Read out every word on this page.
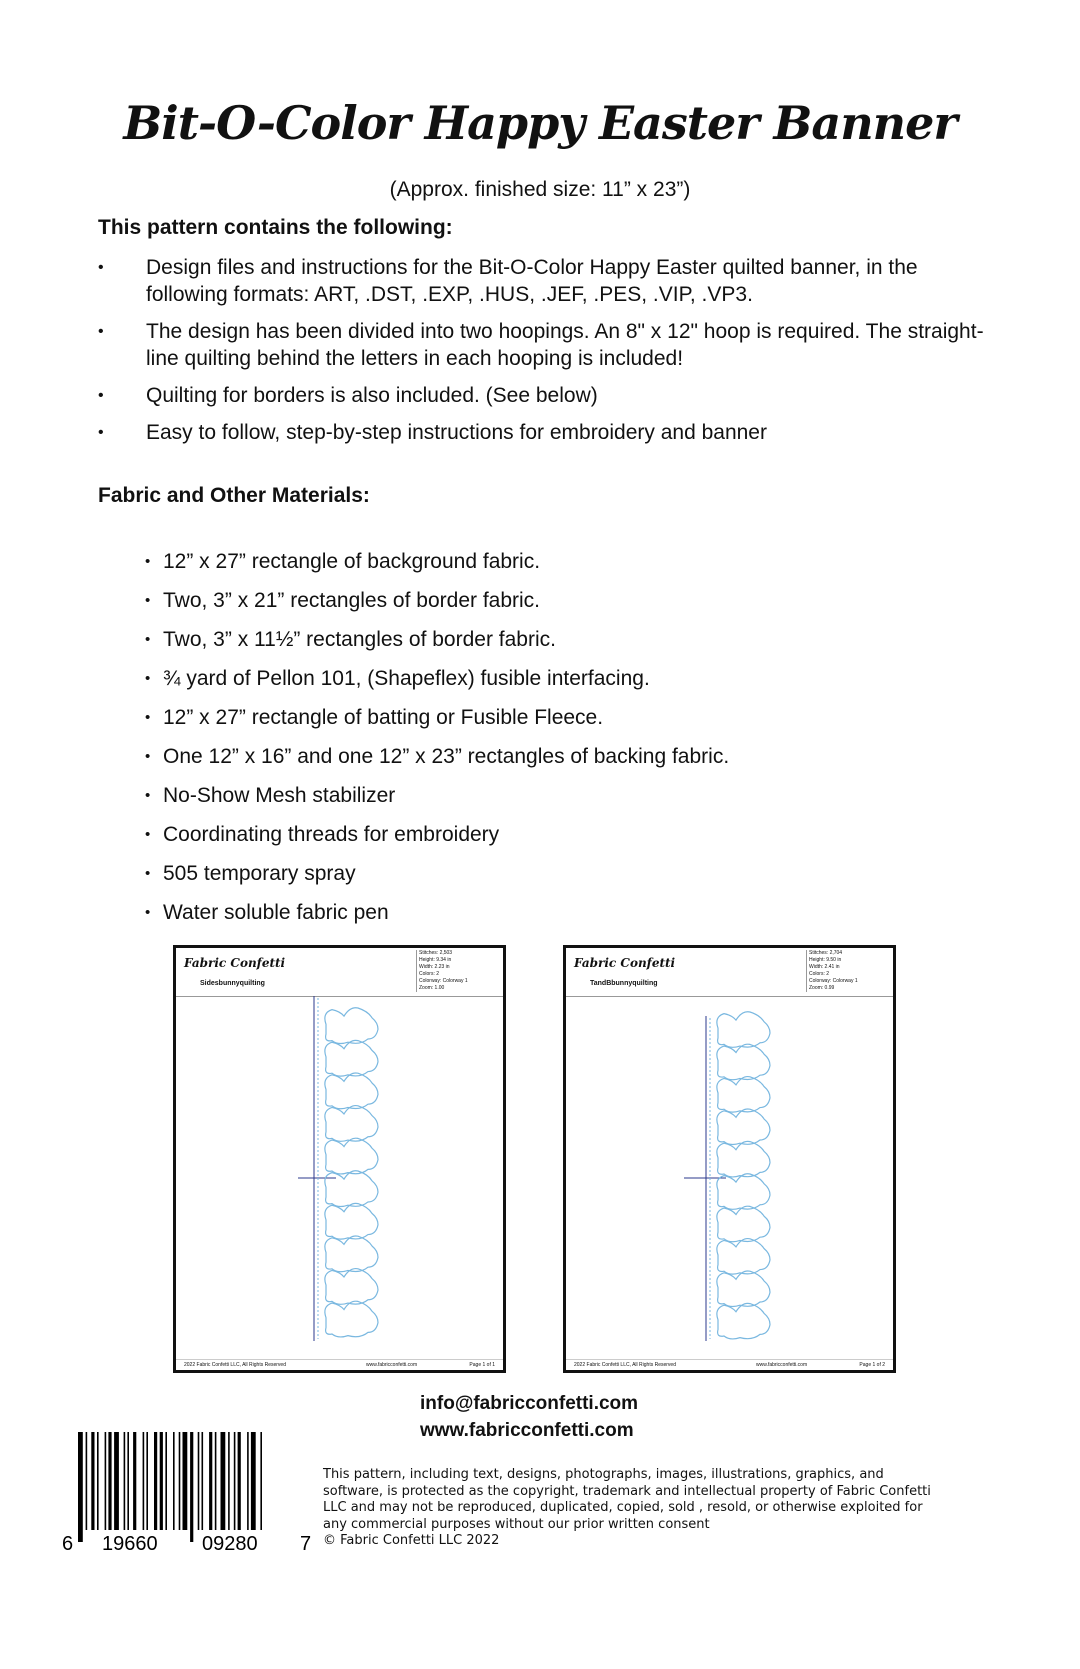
Bit-O-Color Happy Easter Banner
(Approx. finished size: 11” x 23”)
This pattern contains the following:
• Design files and instructions for the Bit-O-Color Happy Easter quilted banner, in the following formats: ART, .DST, .EXP, .HUS, .JEF, .PES, .VIP, .VP3.
• The design has been divided into two hoopings. An 8" x 12" hoop is required. The straight-line quilting behind the letters in each hooping is included!
• Quilting for borders is also included. (See below)
• Easy to follow, step-by-step instructions for embroidery and banner
Fabric and Other Materials:
• 12” x 27” rectangle of background fabric.
• Two, 3” x 21” rectangles of border fabric.
• Two, 3” x 11½” rectangles of border fabric.
• ¾ yard of Pellon 101, (Shapeflex) fusible interfacing.
• 12” x 27” rectangle of batting or Fusible Fleece.
• One 12” x 16” and one 12” x 23” rectangles of backing fabric.
• No-Show Mesh stabilizer
• Coordinating threads for embroidery
• 505 temporary spray
• Water soluble fabric pen
Fabric Confetti
Sidesbunnyquilting
Stitches: 2,503
Height: 9.34 in
Width: 2.23 in
Colors: 2
Colorway: Colorway 1
Zoom: 1.00
2022 Fabric Confetti LLC, All Rights Reserved	www.fabricconfetti.com	Page 1 of 1
Fabric Confetti
TandBbunnyquilting
Stitches: 2,704
Height: 9.50 in
Width: 2.41 in
Colors: 2
Colorway: Colorway 1
Zoom: 0.99
2022 Fabric Confetti LLC, All Rights Reserved	www.fabricconfetti.com	Page 1 of 2
info@fabricconfetti.com
www.fabricconfetti.com
6 19660 09280 7
This pattern, including text, designs, photographs, images, illustrations, graphics, and software, is protected as the copyright, trademark and intellectual property of Fabric Confetti LLC and may not be reproduced, duplicated, copied, sold , resold, or otherwise exploited for any commercial purposes without our prior written consent
© Fabric Confetti LLC 2022
